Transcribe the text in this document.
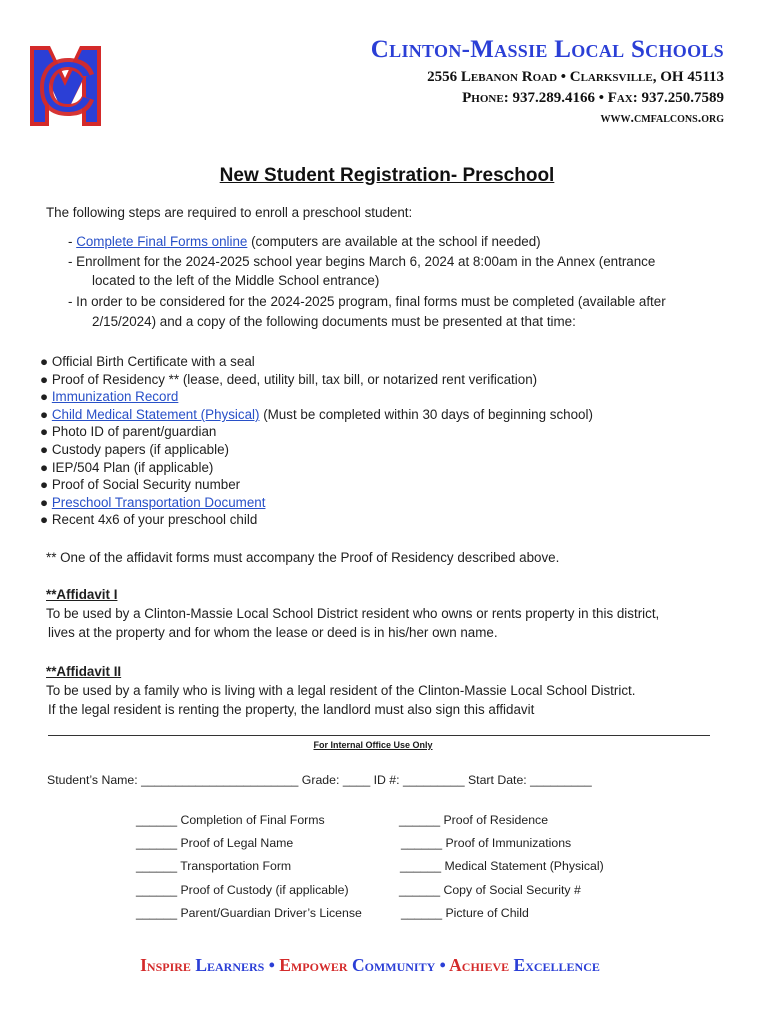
Clinton-Massie Local Schools
2556 Lebanon Road • Clarksville, OH 45113
Phone: 937.289.4166 • Fax: 937.250.7589
www.cmfalcons.org
New Student Registration- Preschool
The following steps are required to enroll a preschool student:
- Complete Final Forms online (computers are available at the school if needed)
- Enrollment for the 2024-2025 school year begins March 6, 2024 at 8:00am in the Annex (entrance
located to the left of the Middle School entrance)
- In order to be considered for the 2024-2025 program, final forms must be completed (available after
2/15/2024) and a copy of the following documents must be presented at that time:
● Official Birth Certificate with a seal
● Proof of Residency ** (lease, deed, utility bill, tax bill, or notarized rent verification)
● Immunization Record
● Child Medical Statement (Physical) (Must be completed within 30 days of beginning school)
● Photo ID of parent/guardian
● Custody papers (if applicable)
● IEP/504 Plan (if applicable)
● Proof of Social Security number
● Preschool Transportation Document
● Recent 4x6 of your preschool child
** One of the affidavit forms must accompany the Proof of Residency described above.
**Affidavit I
To be used by a Clinton-Massie Local School District resident who owns or rents property in this district,
lives at the property and for whom the lease or deed is in his/her own name.
**Affidavit II
To be used by a family who is living with a legal resident of the Clinton-Massie Local School District.
If the legal resident is renting the property, the landlord must also sign this affidavit
For Internal Office Use Only
Student’s Name: _______________________ Grade: ____ ID #: _________ Start Date: _________
______ Completion of Final Forms
______ Proof of Legal Name
______ Transportation Form
______ Proof of Custody (if applicable)
______ Parent/Guardian Driver’s License
______ Proof of Residence
______ Proof of Immunizations
______ Medical Statement (Physical)
______ Copy of Social Security #
______ Picture of Child
Inspire Learners • Empower Community • Achieve Excellence
